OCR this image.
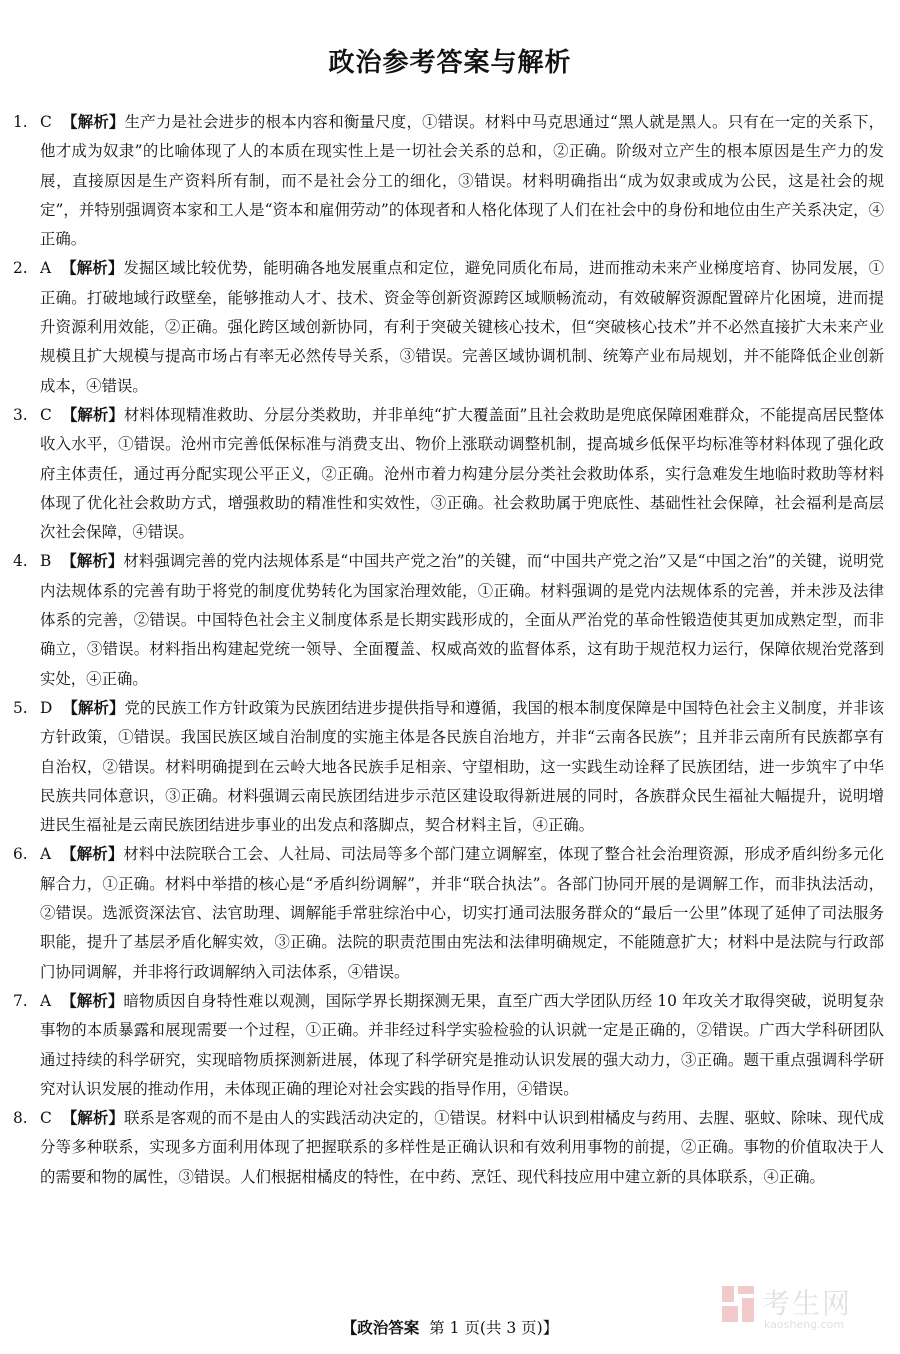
政治参考答案与解析
1. C 【解析】生产力是社会进步的根本内容和衡量尺度，①错误。材料中马克思通过“黑人就是黑人。只有在一定的关系下，他才成为奴隶”的比喻体现了人的本质在现实性上是一切社会关系的总和，②正确。阶级对立产生的根本原因是生产力的发展，直接原因是生产资料所有制，而不是社会分工的细化，③错误。材料明确指出“成为奴隶或成为公民，这是社会的规定”，并特别强调资本家和工人是“资本和雇佣劳动”的体现者和人格化体现了人们在社会中的身份和地位由生产关系决定，④正确。
2. A 【解析】发掘区域比较优势，能明确各地发展重点和定位，避免同质化布局，进而推动未来产业梯度培育、协同发展，①正确。打破地域行政壁垒，能够推动人才、技术、资金等创新资源跨区域顺畅流动，有效破解资源配置碎片化困境，进而提升资源利用效能，②正确。强化跨区域创新协同，有利于突破关键核心技术，但“突破核心技术”并不必然直接扩大未来产业规模且扩大规模与提高市场占有率无必然传导关系，③错误。完善区域协调机制、统筹产业布局规划，并不能降低企业创新成本，④错误。
3. C 【解析】材料体现精准救助、分层分类救助，并非单纯“扩大覆盖面”且社会救助是兜底保障困难群众，不能提高居民整体收入水平，①错误。沧州市完善低保标准与消费支出、物价上涨联动调整机制，提高城乡低保平均标准等材料体现了强化政府主体责任，通过再分配实现公平正义，②正确。沧州市着力构建分层分类社会救助体系，实行急难发生地临时救助等材料体现了优化社会救助方式，增强救助的精准性和实效性，③正确。社会救助属于兜底性、基础性社会保障，社会福利是高层次社会保障，④错误。
4. B 【解析】材料强调完善的党内法规体系是“中国共产党之治”的关键，而“中国共产党之治”又是“中国之治”的关键，说明党内法规体系的完善有助于将党的制度优势转化为国家治理效能，①正确。材料强调的是党内法规体系的完善，并未涉及法律体系的完善，②错误。中国特色社会主义制度体系是长期实践形成的，全面从严治党的革命性锻造使其更加成熟定型，而非确立，③错误。材料指出构建起党统一领导、全面覆盖、权威高效的监督体系，这有助于规范权力运行，保障依规治党落到实处，④正确。
5. D 【解析】党的民族工作方针政策为民族团结进步提供指导和遵循，我国的根本制度保障是中国特色社会主义制度，并非该方针政策，①错误。我国民族区域自治制度的实施主体是各民族自治地方，并非“云南各民族”；且并非云南所有民族都享有自治权，②错误。材料明确提到在云岭大地各民族手足相亲、守望相助，这一实践生动诠释了民族团结，进一步筑牢了中华民族共同体意识，③正确。材料强调云南民族团结进步示范区建设取得新进展的同时，各族群众民生福祉大幅提升，说明增进民生福祉是云南民族团结进步事业的出发点和落脚点，契合材料主旨，④正确。
6. A 【解析】材料中法院联合工会、人社局、司法局等多个部门建立调解室，体现了整合社会治理资源，形成矛盾纠纷多元化解合力，①正确。材料中举措的核心是“矛盾纠纷调解”，并非“联合执法”。各部门协同开展的是调解工作，而非执法活动，②错误。选派资深法官、法官助理、调解能手常驻综治中心，切实打通司法服务群众的“最后一公里”体现了延伸了司法服务职能，提升了基层矛盾化解实效，③正确。法院的职责范围由宪法和法律明确规定，不能随意扩大；材料中是法院与行政部门协同调解，并非将行政调解纳入司法体系，④错误。
7. A 【解析】暗物质因自身特性难以观测，国际学界长期探测无果，直至广西大学团队历经 10 年攻关才取得突破，说明复杂事物的本质暴露和展现需要一个过程，①正确。并非经过科学实验检验的认识就一定是正确的，②错误。广西大学科研团队通过持续的科学研究，实现暗物质探测新进展，体现了科学研究是推动认识发展的强大动力，③正确。题干重点强调科学研究对认识发展的推动作用，未体现正确的理论对社会实践的指导作用，④错误。
8. C 【解析】联系是客观的而不是由人的实践活动决定的，①错误。材料中认识到柑橘皮与药用、去腥、驱蚊、除味、现代成分等多种联系，实现多方面利用体现了把握联系的多样性是正确认识和有效利用事物的前提，②正确。事物的价值取决于人的需要和物的属性，③错误。人们根据柑橘皮的特性，在中药、烹饪、现代科技应用中建立新的具体联系，④正确。
考生网
kaosheng.com
【政治答案 第 1 页(共 3 页)】
